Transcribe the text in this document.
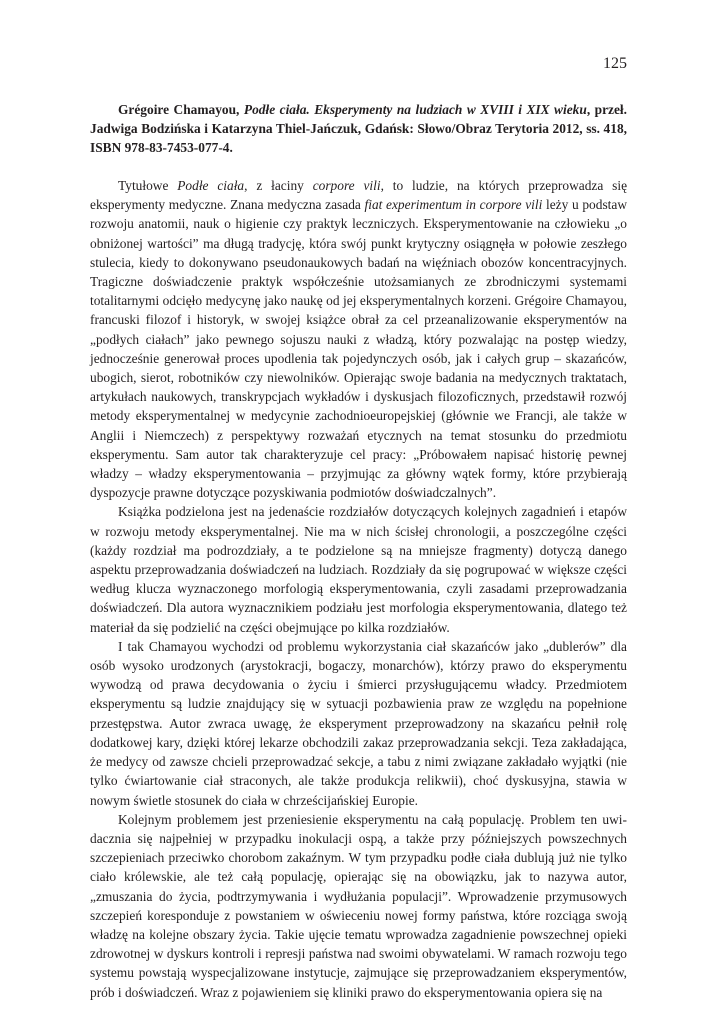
125
Grégoire Chamayou, Podłe ciała. Eksperymenty na ludziach w XVIII i XIX wieku, przeł. Jadwiga Bodzińska i Katarzyna Thiel-Jańczuk, Gdańsk: Słowo/Obraz Terytoria 2012, ss. 418, ISBN 978-83-7453-077-4.

Tytułowe Podłe ciała, z łaciny corpore vili, to ludzie, na których przeprowadza się eksperymenty medyczne. Znana medyczna zasada fiat experimentum in corpore vili leży u podstaw rozwoju anatomii, nauk o higienie czy praktyk leczniczych. Eksperymentowanie na człowieku „o obniżonej wartości” ma długą tradycję, która swój punkt krytyczny osiągnęła w połowie zeszłego stulecia, kiedy to dokonywano pseudonaukowych badań na więźniach obozów koncentracyjnych. Tragiczne doświadczenie praktyk współcześnie utożsamianych ze zbrodniczymi systemami totalitarnymi odcięło medycynę jako naukę od jej eksperymentalnych korzeni. Grégoire Chamayou, francuski filozof i historyk, w swojej książce obrał za cel przeanalizowanie eksperymentów na „podłych ciałach” jako pewnego sojuszu nauki z władzą, który pozwalając na postęp wiedzy, jednocześnie generował proces upodlenia tak pojedynczych osób, jak i całych grup – skazańców, ubogich, sierot, robotników czy niewolników. Opierając swoje badania na medycznych traktatach, artykułach naukowych, transkrypcjach wykładów i dyskusjach filozoficznych, przedstawił rozwój metody eksperymentalnej w medycynie zachodnioeuropejskiej (głównie we Francji, ale także w Anglii i Niemczech) z perspektywy rozważań etycznych na temat stosunku do przedmiotu eksperymentu. Sam autor tak charakteryzuje cel pracy: „Próbowałem napisać historię pewnej władzy – władzy eksperymentowania – przyjmując za główny wątek formy, które przybierają dyspozycje prawne dotyczące pozyskiwania podmiotów doświadczalnych”.

Książka podzielona jest na jedenaście rozdziałów dotyczących kolejnych zagadnień i etapów w rozwoju metody eksperymentalnej. Nie ma w nich ścisłej chronologii, a poszczególne części (każdy rozdział ma podrozdziały, a te podzielone są na mniejsze fragmenty) dotyczą danego aspektu przeprowadzania doświadczeń na ludziach. Rozdziały da się pogrupować w większe części według klucza wyznaczonego morfologią eksperymentowania, czyli zasadami przeprowadzania doświadczeń. Dla autora wyznacznikiem podziału jest morfologia eksperymentowania, dlatego też materiał da się podzielić na części obejmujące po kilka rozdziałów.

I tak Chamayou wychodzi od problemu wykorzystania ciał skazańców jako „dublerów” dla osób wysoko urodzonych (arystokracji, bogaczy, monarchów), którzy prawo do eksperymentu wywodzą od prawa decydowania o życiu i śmierci przysługującemu władcy. Przedmiotem eksperymentu są ludzie znajdujący się w sytuacji pozbawienia praw ze względu na popełnione przestępstwa. Autor zwraca uwagę, że eksperyment przeprowadzony na skazańcu pełnił rolę dodatkowej kary, dzięki której lekarze obchodzili zakaz przeprowadzania sekcji. Teza zakładająca, że medycy od zawsze chcieli przeprowadzać sekcje, a tabu z nimi związane zakładało wyjątki (nie tylko ćwiartowanie ciał straconych, ale także produkcja relikwii), choć dyskusyjna, stawia w nowym świetle stosunek do ciała w chrześcijańskiej Europie.

Kolejnym problemem jest przeniesienie eksperymentu na całą populację. Problem ten uwidacznia się najpełniej w przypadku inokulacji ospą, a także przy późniejszych powszechnych szczepieniach przeciwko chorobom zakaźnym. W tym przypadku podłe ciała dublują już nie tylko ciało królewskie, ale też całą populację, opierając się na obowiązku, jak to nazywa autor, „zmuszania do życia, podtrzymywania i wydłużania populacji”. Wprowadzenie przymusowych szczepień koresponduje z powstaniem w oświeceniu nowej formy państwa, które rozciąga swoją władzę na kolejne obszary życia. Takie ujęcie tematu wprowadza zagadnienie powszechnej opieki zdrowotnej w dyskurs kontroli i represji państwa nad swoimi obywatelami. W ramach rozwoju tego systemu powstają wyspecjalizowane instytucje, zajmujące się przeprowadzaniem eksperymentów, prób i doświadczeń. Wraz z pojawieniem się kliniki prawo do eksperymentowania opiera się na
